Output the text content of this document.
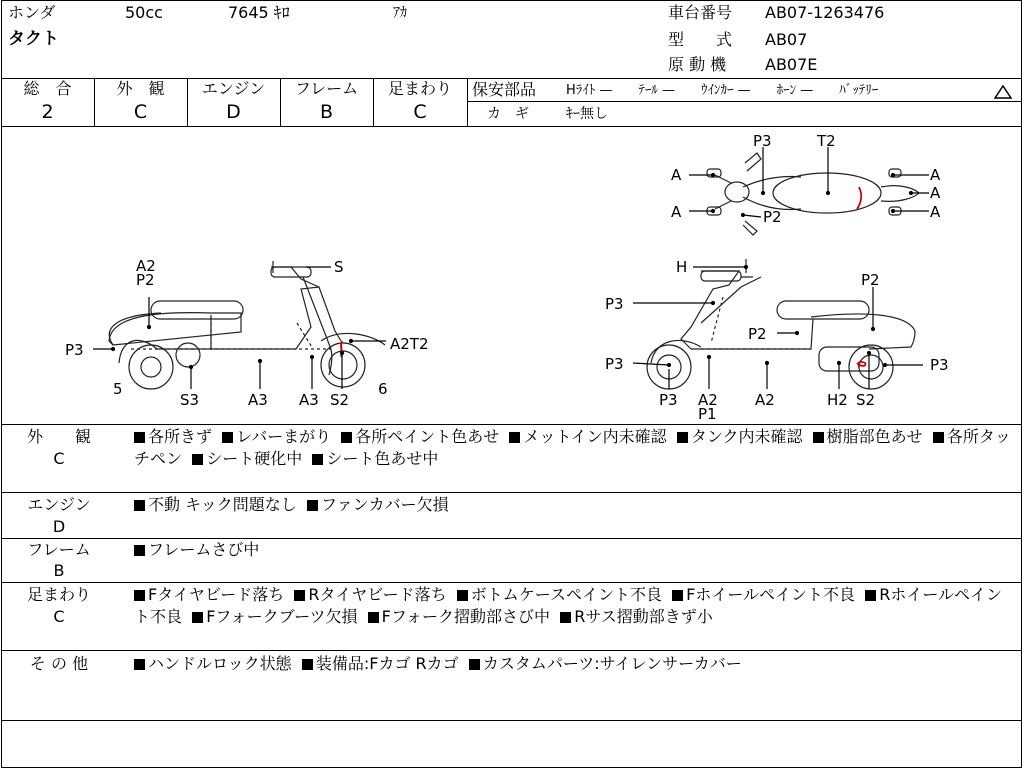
ホンダ	50cc	7645 ｷﾛ	ｱｶ
タクト
車台番号 AB07-1263476
型　　式 AB07
原 動 機 AB07E
総　合
2
外　観
C
エンジン
D
フレーム
B
足まわり
C
保安部品 Hﾗｲﾄ —　　ﾃｰﾙ —　　ｳｲﾝｶｰ —　　ﾎｰﾝ —　　ﾊﾞｯﾃﾘｰ
カ　ギ	ｷｰ無し
A2
P2
S
P3	A2T2
5
S3	A3 A3 S2
6
P3	T2
A	A
A
A	A
P2
H
P2
P3
P2
P3	P3
P3 A2
P1
A2	H2 S2
外　　観
C
各所きず レバーまがり 各所ペイント色あせ メットイン内未確認 タンク内未確認 樹脂部色あせ 各所タッチペン シート硬化中 シート色あせ中
エンジン
D
不動 キック問題なし ファンカバー欠損
フレーム
B
フレームさび中
足まわり
C
Fタイヤビード落ち Rタイヤビード落ち ボトムケースペイント不良 Fホイールペイント不良 Rホイールペイント不良 Fフォークブーツ欠損 Fフォーク摺動部さび中 Rサス摺動部きず小
そ の 他	ハンドルロック状態 装備品:Fカゴ Rカゴ カスタムパーツ:サイレンサーカバー
